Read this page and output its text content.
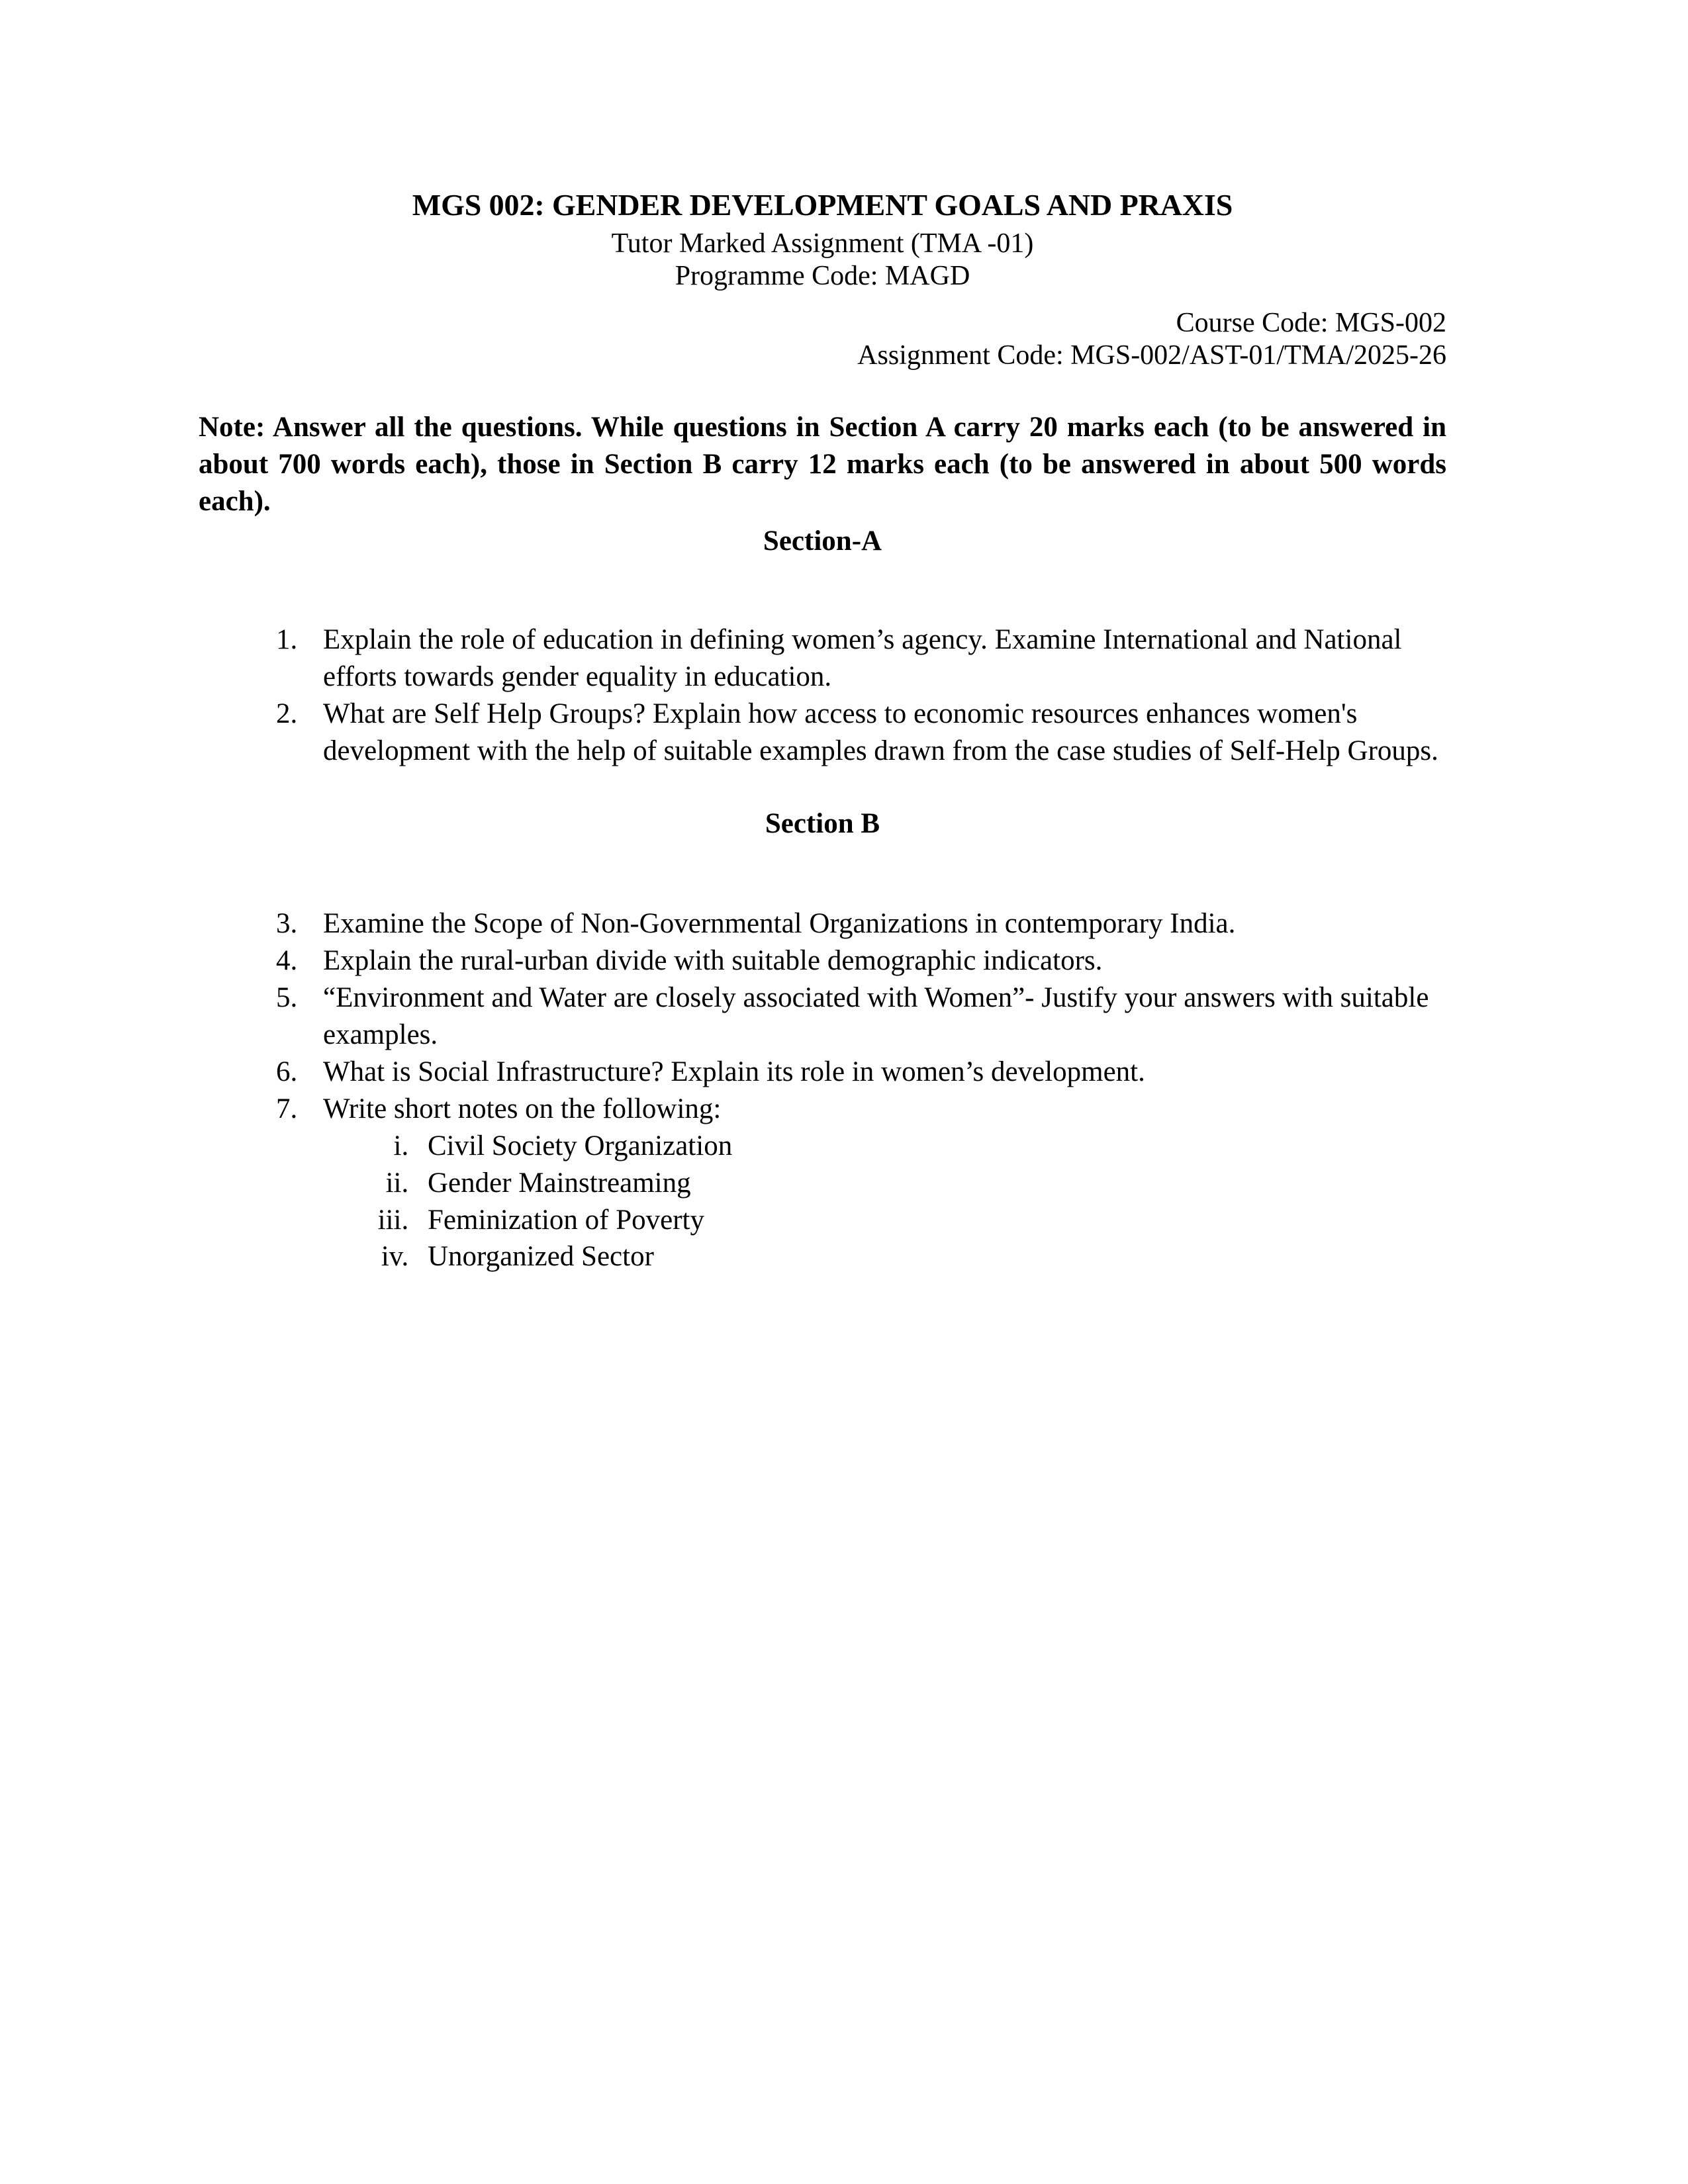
MGS 002: GENDER DEVELOPMENT GOALS AND PRAXIS

Tutor Marked Assignment (TMA -01)

Programme Code: MAGD

Course Code: MGS-002

Assignment Code: MGS-002/AST-01/TMA/2025-26

Note: Answer all the questions. While questions in Section A carry 20 marks each (to be answered in about 700 words each), those in Section B carry 12 marks each (to be answered in about 500 words each).

Section-A

1. Explain the role of education in defining women’s agency. Examine International and National efforts towards gender equality in education.
2. What are Self Help Groups? Explain how access to economic resources enhances women's development with the help of suitable examples drawn from the case studies of Self-Help Groups.

Section B

3. Examine the Scope of Non-Governmental Organizations in contemporary India.
4. Explain the rural-urban divide with suitable demographic indicators.
5. “Environment and Water are closely associated with Women”- Justify your answers with suitable examples.
6. What is Social Infrastructure? Explain its role in women’s development.
7. Write short notes on the following:
i. Civil Society Organization
ii. Gender Mainstreaming
iii. Feminization of Poverty
iv. Unorganized Sector
